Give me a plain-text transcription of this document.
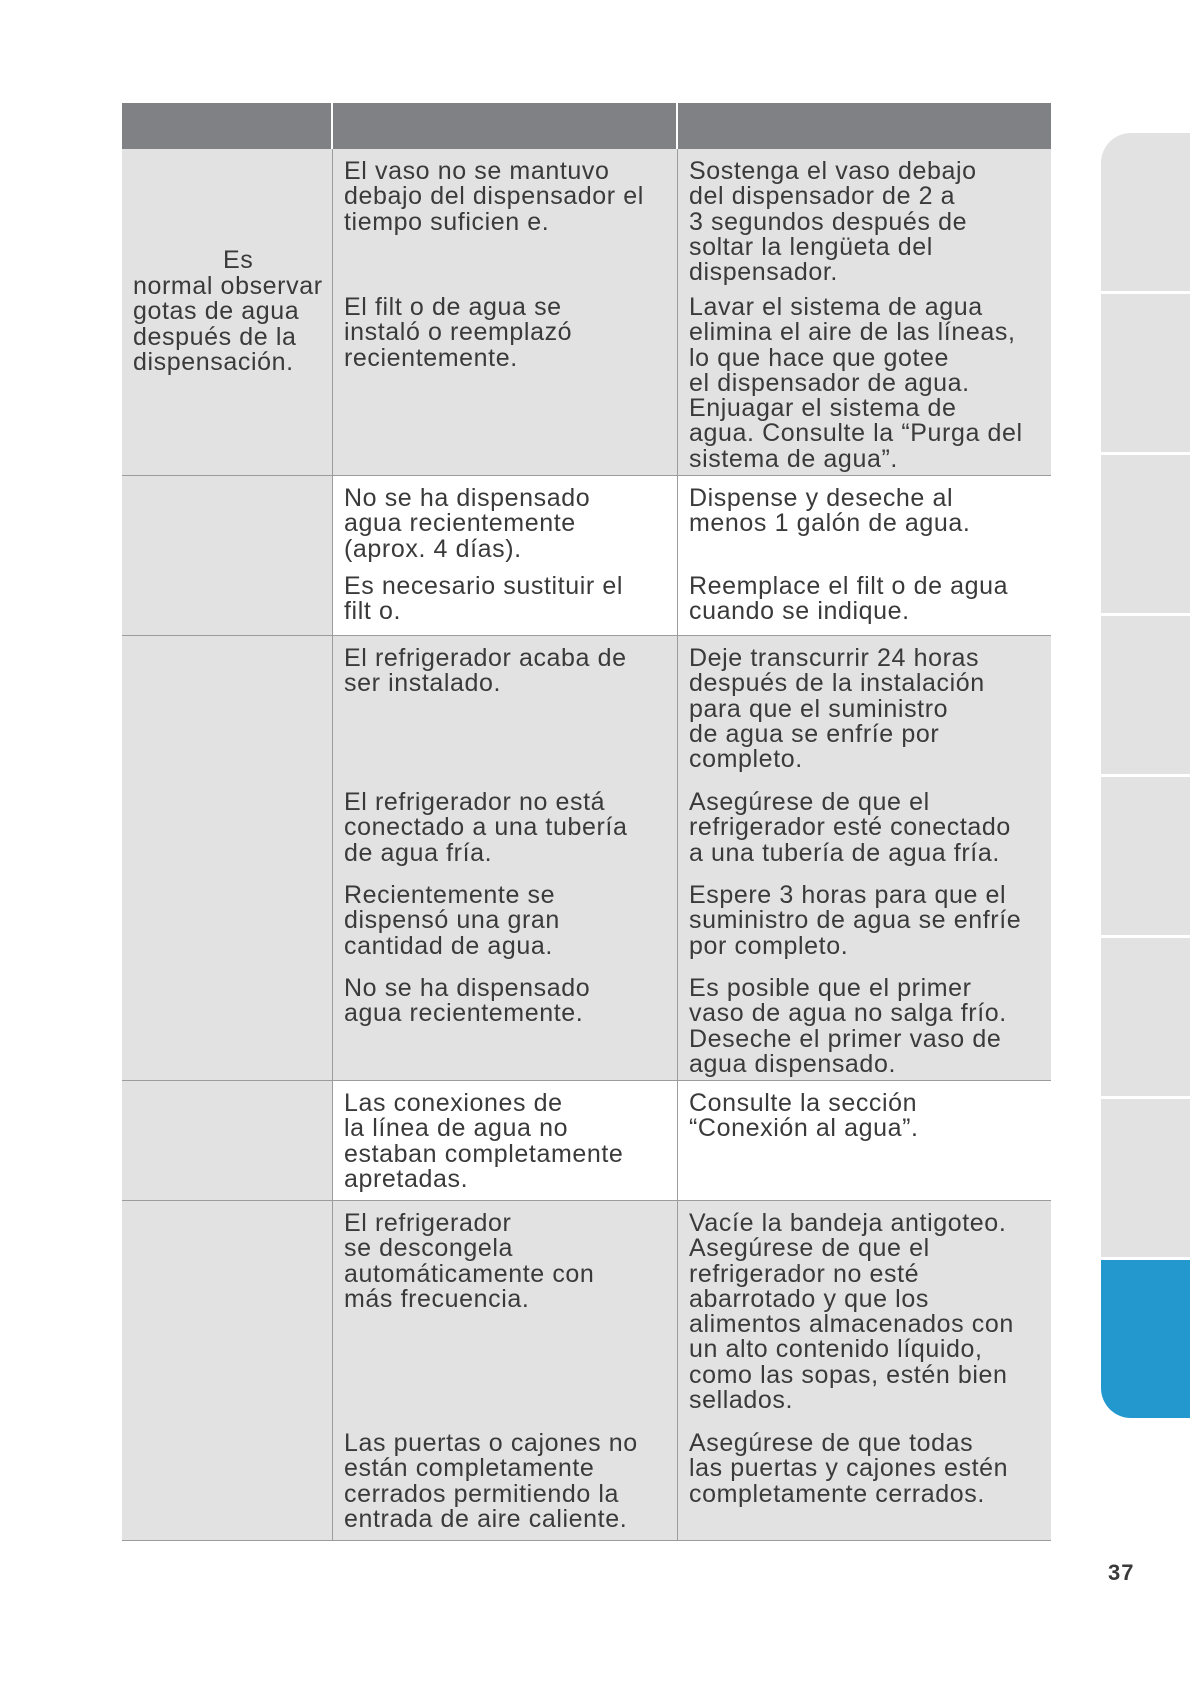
Es
normal observar gotas de agua después de la dispensación.
El vaso no se mantuvo
debajo del dispensador el
tiempo suficien e.
Sostenga el vaso debajo
del dispensador de 2 a
3 segundos después de
soltar la lengüeta del
dispensador.
El filt o de agua se
instaló o reemplazó
recientemente.
Lavar el sistema de agua
elimina el aire de las líneas,
lo que hace que gotee
el dispensador de agua.
Enjuagar el sistema de
agua. Consulte la “Purga del
sistema de agua”.
No se ha dispensado
agua recientemente
(aprox. 4 días).
Dispense y deseche al
menos 1 galón de agua.
Es necesario sustituir el
filt o.
Reemplace el filt o de agua
cuando se indique.
El refrigerador acaba de
ser instalado.
Deje transcurrir 24 horas
después de la instalación
para que el suministro
de agua se enfríe por
completo.
El refrigerador no está
conectado a una tubería
de agua fría.
Asegúrese de que el
refrigerador esté conectado
a una tubería de agua fría.
Recientemente se
dispensó una gran
cantidad de agua.
Espere 3 horas para que el
suministro de agua se enfríe
por completo.
No se ha dispensado
agua recientemente.
Es posible que el primer
vaso de agua no salga frío.
Deseche el primer vaso de
agua dispensado.
Las conexiones de
la línea de agua no
estaban completamente
apretadas.
Consulte la sección
“Conexión al agua”.
El refrigerador
se descongela
automáticamente con
más frecuencia.
Vacíe la bandeja antigoteo.
Asegúrese de que el
refrigerador no esté
abarrotado y que los
alimentos almacenados con
un alto contenido líquido,
como las sopas, estén bien
sellados.
Las puertas o cajones no
están completamente
cerrados permitiendo la
entrada de aire caliente.
Asegúrese de que todas
las puertas y cajones estén
completamente cerrados.
37
